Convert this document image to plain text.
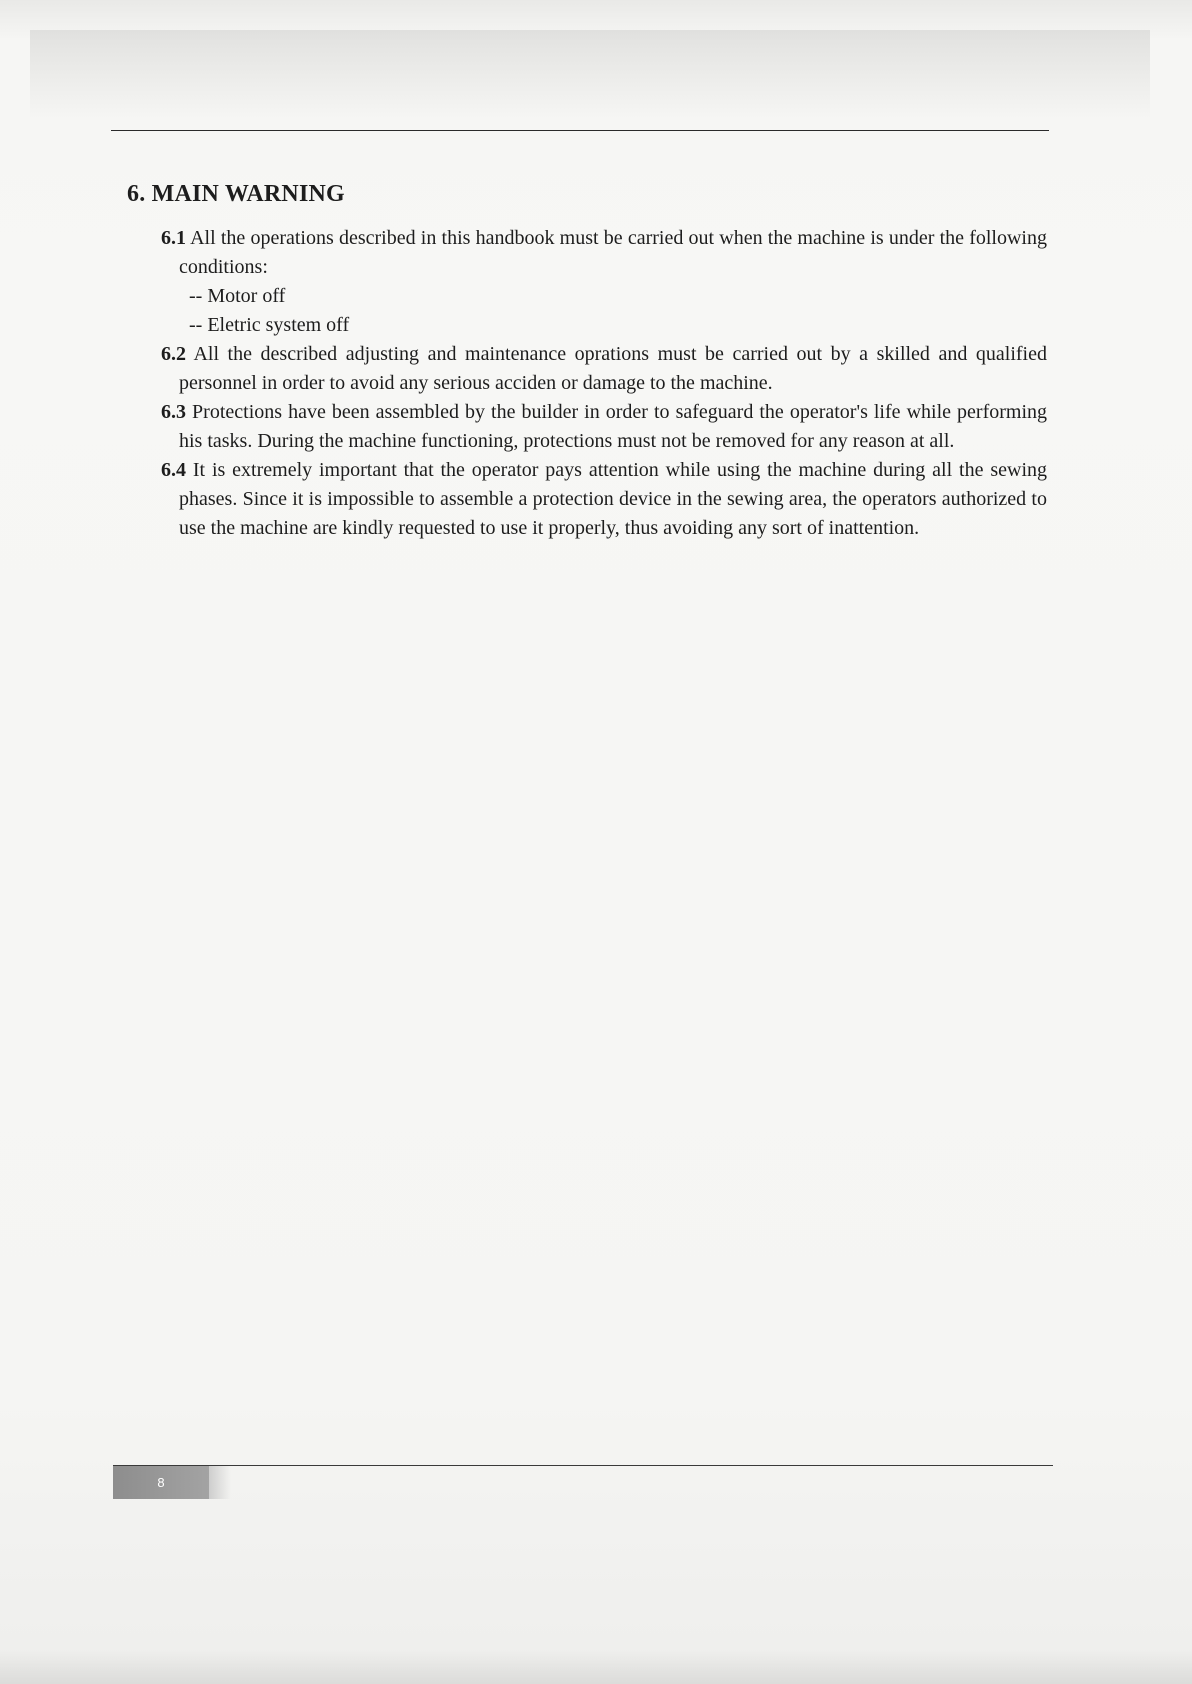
6. MAIN WARNING

6.1 All the operations described in this handbook must be carried out when the machine is under the following conditions:

-- Motor off

-- Eletric system off

6.2 All the described adjusting and maintenance oprations must be carried out by a skilled and qualified personnel in order to avoid any serious acciden or damage to the machine.

6.3 Protections have been assembled by the builder in order to safeguard the operator's life while performing his tasks. During the machine functioning, protections must not be removed for any reason at all.

6.4 It is extremely important that the operator pays attention while using the machine during all the sewing phases. Since it is impossible to assemble a protection device in the sewing area, the operators authorized to use the machine are kindly requested to use it properly, thus avoiding any sort of inattention.

8
